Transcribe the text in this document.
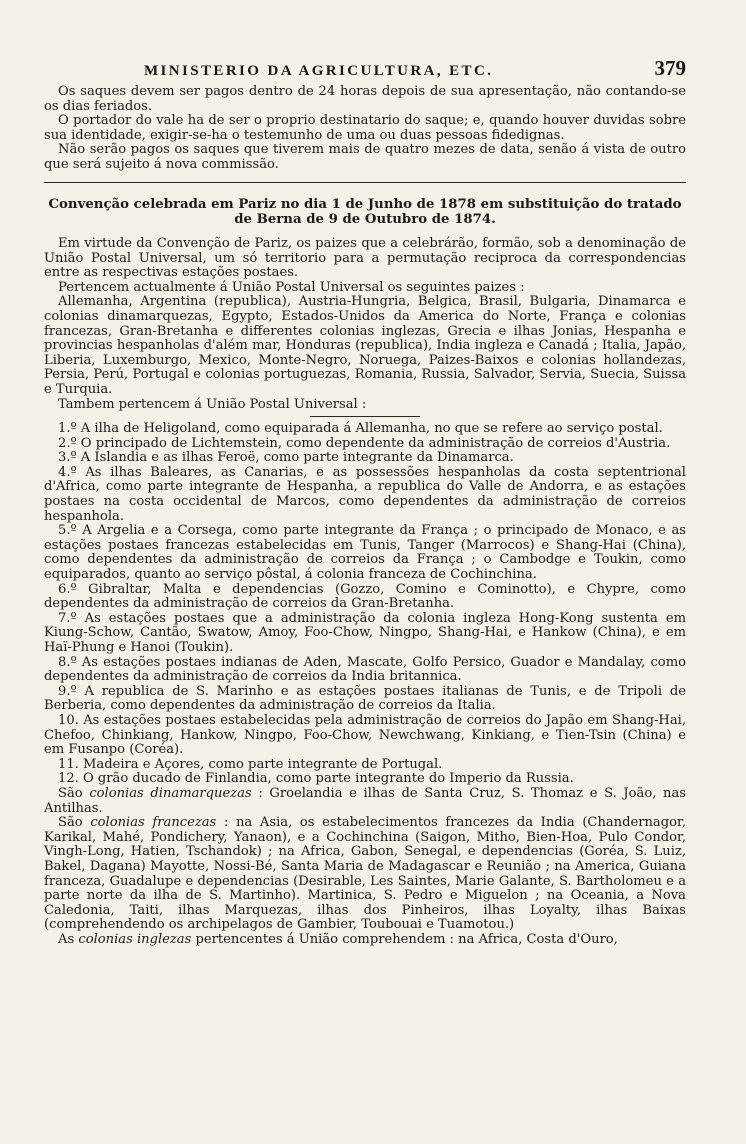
MINISTERIO DA AGRICULTURA, ETC.	379

Os saques devem ser pagos dentro de 24 horas depois de sua apresentação, não contando-se os dias feriados.

O portador do vale ha de ser o proprio destinatario do saque; e, quando houver duvidas sobre sua identidade, exigir-se-ha o testemunho de uma ou duas pessoas fidedignas.

Não serão pagos os saques que tiverem mais de quatro mezes de data, senão á vista de outro que será sujeito á nova commissão.

Convenção celebrada em Pariz no dia 1 de Junho de 1878 em substituição do tratado de Berna de 9 de Outubro de 1874.

Em virtude da Convenção de Pariz, os paizes que a celebrárão, formão, sob a denominação de União Postal Universal, um só territorio para a permutação reciproca da correspondencias entre as respectivas estações postaes.

Pertencem actualmente á União Postal Universal os seguintes paizes :

Allemanha, Argentina (republica), Austria-Hungria, Belgica, Brasil, Bulgaria, Dinamarca e colonias dinamarquezas, Egypto, Estados-Unidos da America do Norte, França e colonias francezas, Gran-Bretanha e differentes colonias inglezas, Grecia e ilhas Jonias, Hespanha e provincias hespanholas d'além mar, Honduras (republica), India ingleza e Canadá ; Italia, Japão, Liberia, Luxemburgo, Mexico, Monte-Negro, Noruega, Paizes-Baixos e colonias hollandezas, Persia, Perú, Portugal e colonias portuguezas, Romania, Russia, Salvador, Servia, Suecia, Suissa e Turquia.

Tambem pertencem á União Postal Universal :

1.º A ilha de Heligoland, como equiparada á Allemanha, no que se refere ao serviço postal.

2.º O principado de Lichtemstein, como dependente da administração de correios d'Austria.

3.º A Islandia e as ilhas Feroë, como parte integrante da Dinamarca.

4.º As ilhas Baleares, as Canarias, e as possessões hespanholas da costa septentrional d'Africa, como parte integrante de Hespanha, a republica do Valle de Andorra, e as estações postaes na costa occidental de Marcos, como dependentes da administração de correios hespanhola.

5.º A Argelia e a Corsega, como parte integrante da França ; o principado de Monaco, e as estações postaes francezas estabelecidas em Tunis, Tanger (Marrocos) e Shang-Hai (China), como dependentes da administração de correios da França ; o Cambodge e Toukin, como equiparados, quanto ao serviço pôstal, á colonia franceza de Cochinchina.

6.º Gibraltar, Malta e dependencias (Gozzo, Comino e Cominotto), e Chypre, como dependentes da administração de correios da Gran-Bretanha.

7.º As estações postaes que a administração da colonia ingleza Hong-Kong sustenta em Kiung-Schow, Cantão, Swatow, Amoy, Foo-Chow, Ningpo, Shang-Hai, e Hankow (China), e em Haï-Phung e Hanoi (Toukin).

8.º As estações postaes indianas de Aden, Mascate, Golfo Persico, Guador e Mandalay, como dependentes da administração de correios da India britannica.

9.º A republica de S. Marinho e as estações postaes italianas de Tunis, e de Tripoli de Berberia, como dependentes da administração de correios da Italia.

10. As estações postaes estabelecidas pela administração de correios do Japão em Shang-Hai, Chefoo, Chinkiang, Hankow, Ningpo, Foo-Chow, Newchwang, Kinkiang, e Tien-Tsin (China) e em Fusanpo (Coréa).

11. Madeira e Açores, como parte integrante de Portugal.

12. O grão ducado de Finlandia, como parte integrante do Imperio da Russia.

São colonias dinamarquezas : Groelandia e ilhas de Santa Cruz, S. Thomaz e S. João, nas Antilhas.

São colonias francezas : na Asia, os estabelecimentos francezes da India (Chandernagor, Karikal, Mahé, Pondichery, Yanaon), e a Cochinchina (Saigon, Mitho, Bien-Hoa, Pulo Condor, Vingh-Long, Hatien, Tschandok) ; na Africa, Gabon, Senegal, e dependencias (Goréa, S. Luiz, Bakel, Dagana) Mayotte, Nossi-Bé, Santa Maria de Madagascar e Reunião ; na America, Guiana franceza, Guadalupe e dependencias (Desirable, Les Saintes, Marie Galante, S. Bartholomeu e a parte norte da ilha de S. Martinho). Martinica, S. Pedro e Miguelon ; na Oceania, a Nova Caledonia, Taiti, ilhas Marquezas, ilhas dos Pinheiros, ilhas Loyalty, ilhas Baixas (comprehendendo os archipelagos de Gambier, Toubouai e Tuamotou.)

As colonias inglezas pertencentes á União comprehendem : na Africa, Costa d'Ouro,
